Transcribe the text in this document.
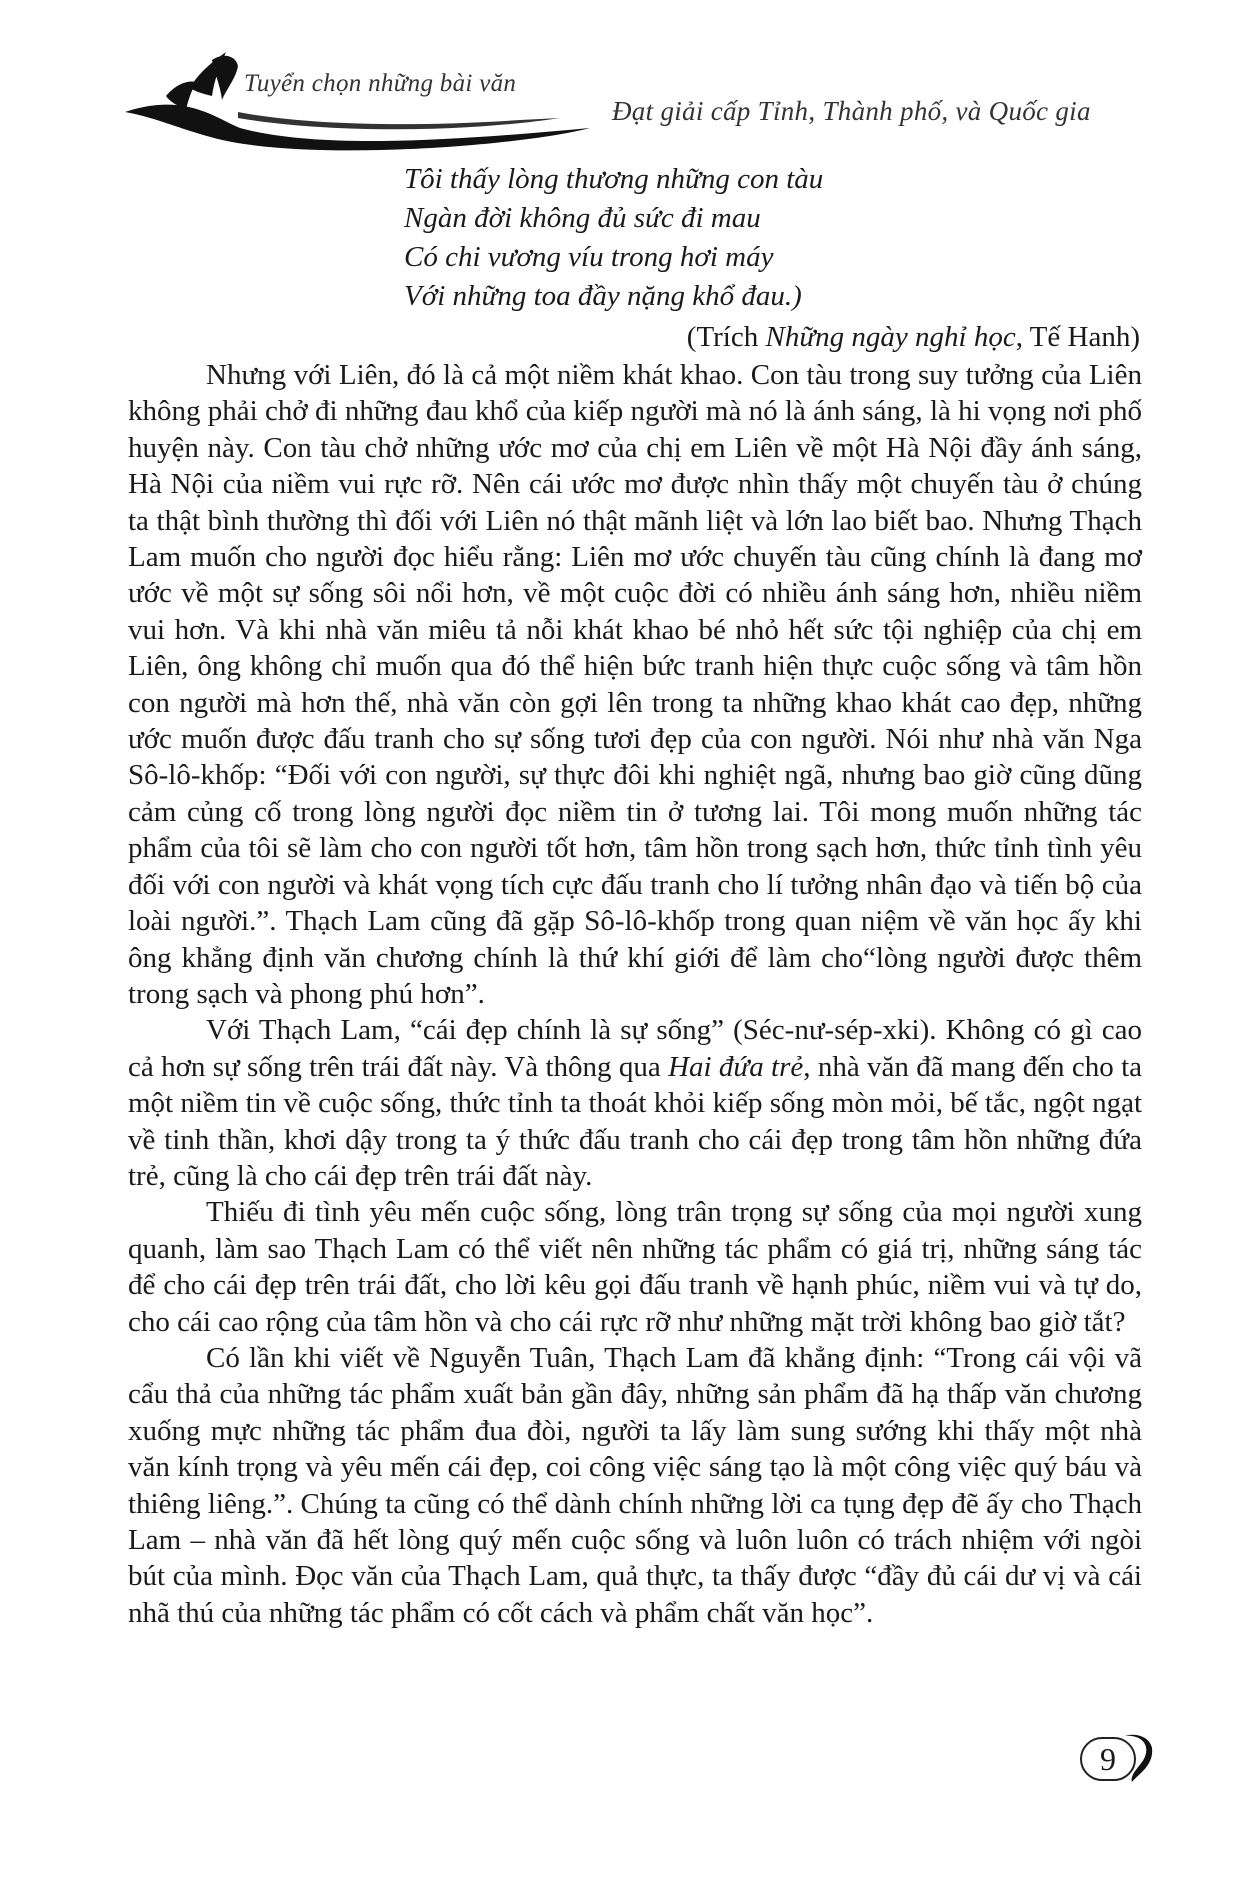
Tuyển chọn những bài văn
Đạt giải cấp Tỉnh, Thành phố, và Quốc gia
Tôi thấy lòng thương những con tàu
Ngàn đời không đủ sức đi mau
Có chi vương víu trong hơi máy
Với những toa đầy nặng khổ đau.)
(Trích Những ngày nghỉ học, Tế Hanh)

Nhưng với Liên, đó là cả một niềm khát khao. Con tàu trong suy tưởng của Liên không phải chở đi những đau khổ của kiếp người mà nó là ánh sáng, là hi vọng nơi phố huyện này. Con tàu chở những ước mơ của chị em Liên về một Hà Nội đầy ánh sáng, Hà Nội của niềm vui rực rỡ. Nên cái ước mơ được nhìn thấy một chuyến tàu ở chúng ta thật bình thường thì đối với Liên nó thật mãnh liệt và lớn lao biết bao. Nhưng Thạch Lam muốn cho người đọc hiểu rằng: Liên mơ ước chuyến tàu cũng chính là đang mơ ước về một sự sống sôi nổi hơn, về một cuộc đời có nhiều ánh sáng hơn, nhiều niềm vui hơn. Và khi nhà văn miêu tả nỗi khát khao bé nhỏ hết sức tội nghiệp của chị em Liên, ông không chỉ muốn qua đó thể hiện bức tranh hiện thực cuộc sống và tâm hồn con người mà hơn thế, nhà văn còn gợi lên trong ta những khao khát cao đẹp, những ước muốn được đấu tranh cho sự sống tươi đẹp của con người. Nói như nhà văn Nga Sô-lô-khốp: “Đối với con người, sự thực đôi khi nghiệt ngã, nhưng bao giờ cũng dũng cảm củng cố trong lòng người đọc niềm tin ở tương lai. Tôi mong muốn những tác phẩm của tôi sẽ làm cho con người tốt hơn, tâm hồn trong sạch hơn, thức tỉnh tình yêu đối với con người và khát vọng tích cực đấu tranh cho lí tưởng nhân đạo và tiến bộ của loài người.”. Thạch Lam cũng đã gặp Sô-lô-khốp trong quan niệm về văn học ấy khi ông khẳng định văn chương chính là thứ khí giới để làm cho“lòng người được thêm trong sạch và phong phú hơn”.

Với Thạch Lam, “cái đẹp chính là sự sống” (Séc-nư-sép-xki). Không có gì cao cả hơn sự sống trên trái đất này. Và thông qua Hai đứa trẻ, nhà văn đã mang đến cho ta một niềm tin về cuộc sống, thức tỉnh ta thoát khỏi kiếp sống mòn mỏi, bế tắc, ngột ngạt về tinh thần, khơi dậy trong ta ý thức đấu tranh cho cái đẹp trong tâm hồn những đứa trẻ, cũng là cho cái đẹp trên trái đất này.

Thiếu đi tình yêu mến cuộc sống, lòng trân trọng sự sống của mọi người xung quanh, làm sao Thạch Lam có thể viết nên những tác phẩm có giá trị, những sáng tác để cho cái đẹp trên trái đất, cho lời kêu gọi đấu tranh về hạnh phúc, niềm vui và tự do, cho cái cao rộng của tâm hồn và cho cái rực rỡ như những mặt trời không bao giờ tắt?

Có lần khi viết về Nguyễn Tuân, Thạch Lam đã khẳng định: “Trong cái vội vã cẩu thả của những tác phẩm xuất bản gần đây, những sản phẩm đã hạ thấp văn chương xuống mực những tác phẩm đua đòi, người ta lấy làm sung sướng khi thấy một nhà văn kính trọng và yêu mến cái đẹp, coi công việc sáng tạo là một công việc quý báu và thiêng liêng.”. Chúng ta cũng có thể dành chính những lời ca tụng đẹp đẽ ấy cho Thạch Lam – nhà văn đã hết lòng quý mến cuộc sống và luôn luôn có trách nhiệm với ngòi bút của mình. Đọc văn của Thạch Lam, quả thực, ta thấy được “đầy đủ cái dư vị và cái nhã thú của những tác phẩm có cốt cách và phẩm chất văn học”.

9
